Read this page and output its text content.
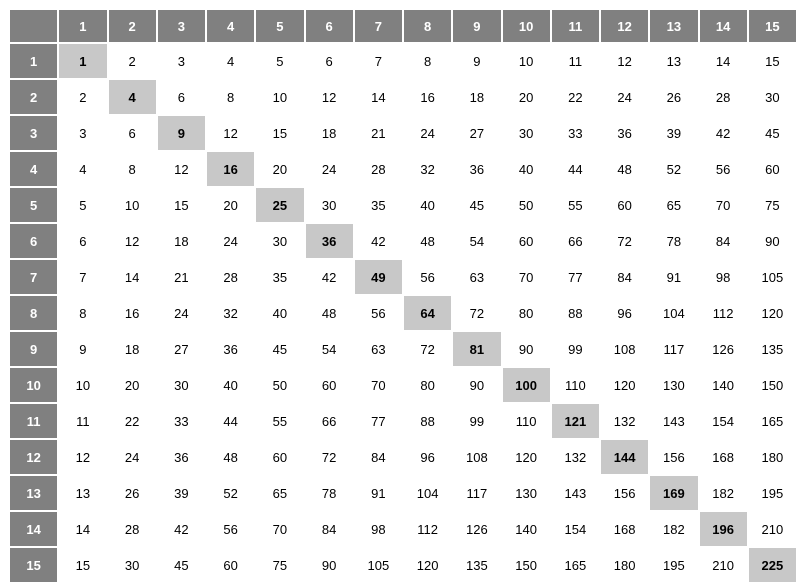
	1	2	3	4	5	6	7	8	9	10	11	12	13	14	15
1	1	2	3	4	5	6	7	8	9	10	11	12	13	14	15
2	2	4	6	8	10	12	14	16	18	20	22	24	26	28	30
3	3	6	9	12	15	18	21	24	27	30	33	36	39	42	45
4	4	8	12	16	20	24	28	32	36	40	44	48	52	56	60
5	5	10	15	20	25	30	35	40	45	50	55	60	65	70	75
6	6	12	18	24	30	36	42	48	54	60	66	72	78	84	90
7	7	14	21	28	35	42	49	56	63	70	77	84	91	98	105
8	8	16	24	32	40	48	56	64	72	80	88	96	104	112	120
9	9	18	27	36	45	54	63	72	81	90	99	108	117	126	135
10	10	20	30	40	50	60	70	80	90	100	110	120	130	140	150
11	11	22	33	44	55	66	77	88	99	110	121	132	143	154	165
12	12	24	36	48	60	72	84	96	108	120	132	144	156	168	180
13	13	26	39	52	65	78	91	104	117	130	143	156	169	182	195
14	14	28	42	56	70	84	98	112	126	140	154	168	182	196	210
15	15	30	45	60	75	90	105	120	135	150	165	180	195	210	225
